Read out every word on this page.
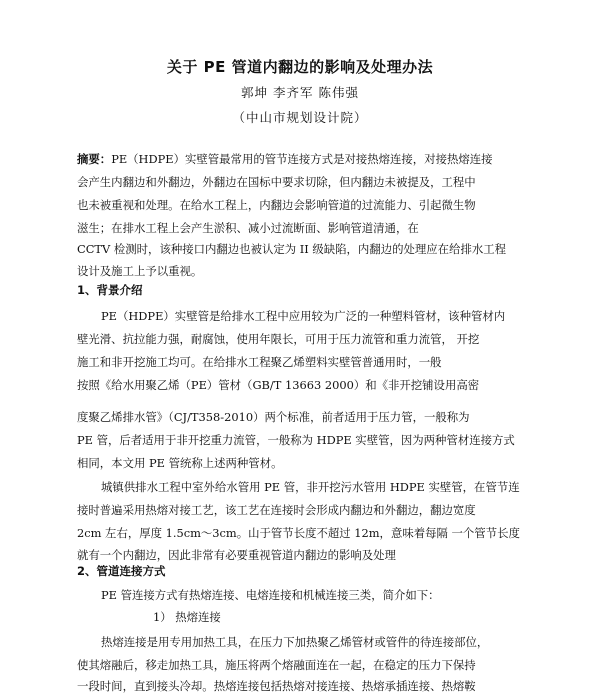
关于 PE 管道内翻边的影响及处理办法
郭坤 李齐军 陈伟强
（中山市规划设计院）
摘要：PE（HDPE）实壁管最常用的管节连接方式是对接热熔连接，对接热熔连接
会产生内翻边和外翻边，外翻边在国标中要求切除，但内翻边未被提及，工程中
也未被重视和处理。在给水工程上，内翻边会影响管道的过流能力、引起微生物
滋生；在排水工程上会产生淤积、减小过流断面、影响管道清通，在
CCTV 检测时，该种接口内翻边也被认定为 II 级缺陷，内翻边的处理应在给排水工程
设计及施工上予以重视。
1、背景介绍
PE（HDPE）实壁管是给排水工程中应用较为广泛的一种塑料管材，该种管材内
壁光滑、抗拉能力强，耐腐蚀，使用年限长，可用于压力流管和重力流管， 开挖
施工和非开挖施工均可。在给排水工程聚乙烯塑料实壁管普通用时，一般
按照《给水用聚乙烯（PE）管材（GB/T 13663 2000）和《非开挖铺设用高密
度聚乙烯排水管》（CJ/T358-2010）两个标准，前者适用于压力管，一般称为
PE 管，后者适用于非开挖重力流管，一般称为 HDPE 实壁管，因为两种管材连接方式
相同，本文用 PE 管统称上述两种管材。
城镇供排水工程中室外给水管用 PE 管，非开挖污水管用 HDPE 实壁管，在管节连
接时普遍采用热熔对接工艺，该工艺在连接时会形成内翻边和外翻边，翻边宽度
2cm 左右，厚度 1.5cm～3cm。山于管节长度不超过 12m，意味着每隔 一个管节长度
就有一个内翻边，因此非常有必要重视管道内翻边的影响及处理
2、管道连接方式
PE 管连接方式有热熔连接、电熔连接和机械连接三类，简介如下：
1） 热熔连接
热熔连接是用专用加热工具，在压力下加热聚乙烯管材或管件的待连接部位，
使其熔融后，移走加热工具，施压将两个熔融面连在一起，在稳定的压力下保持
一段时间，直到接头冷却。热熔连接包括热熔对接连接、热熔承插连接、热熔鞍
